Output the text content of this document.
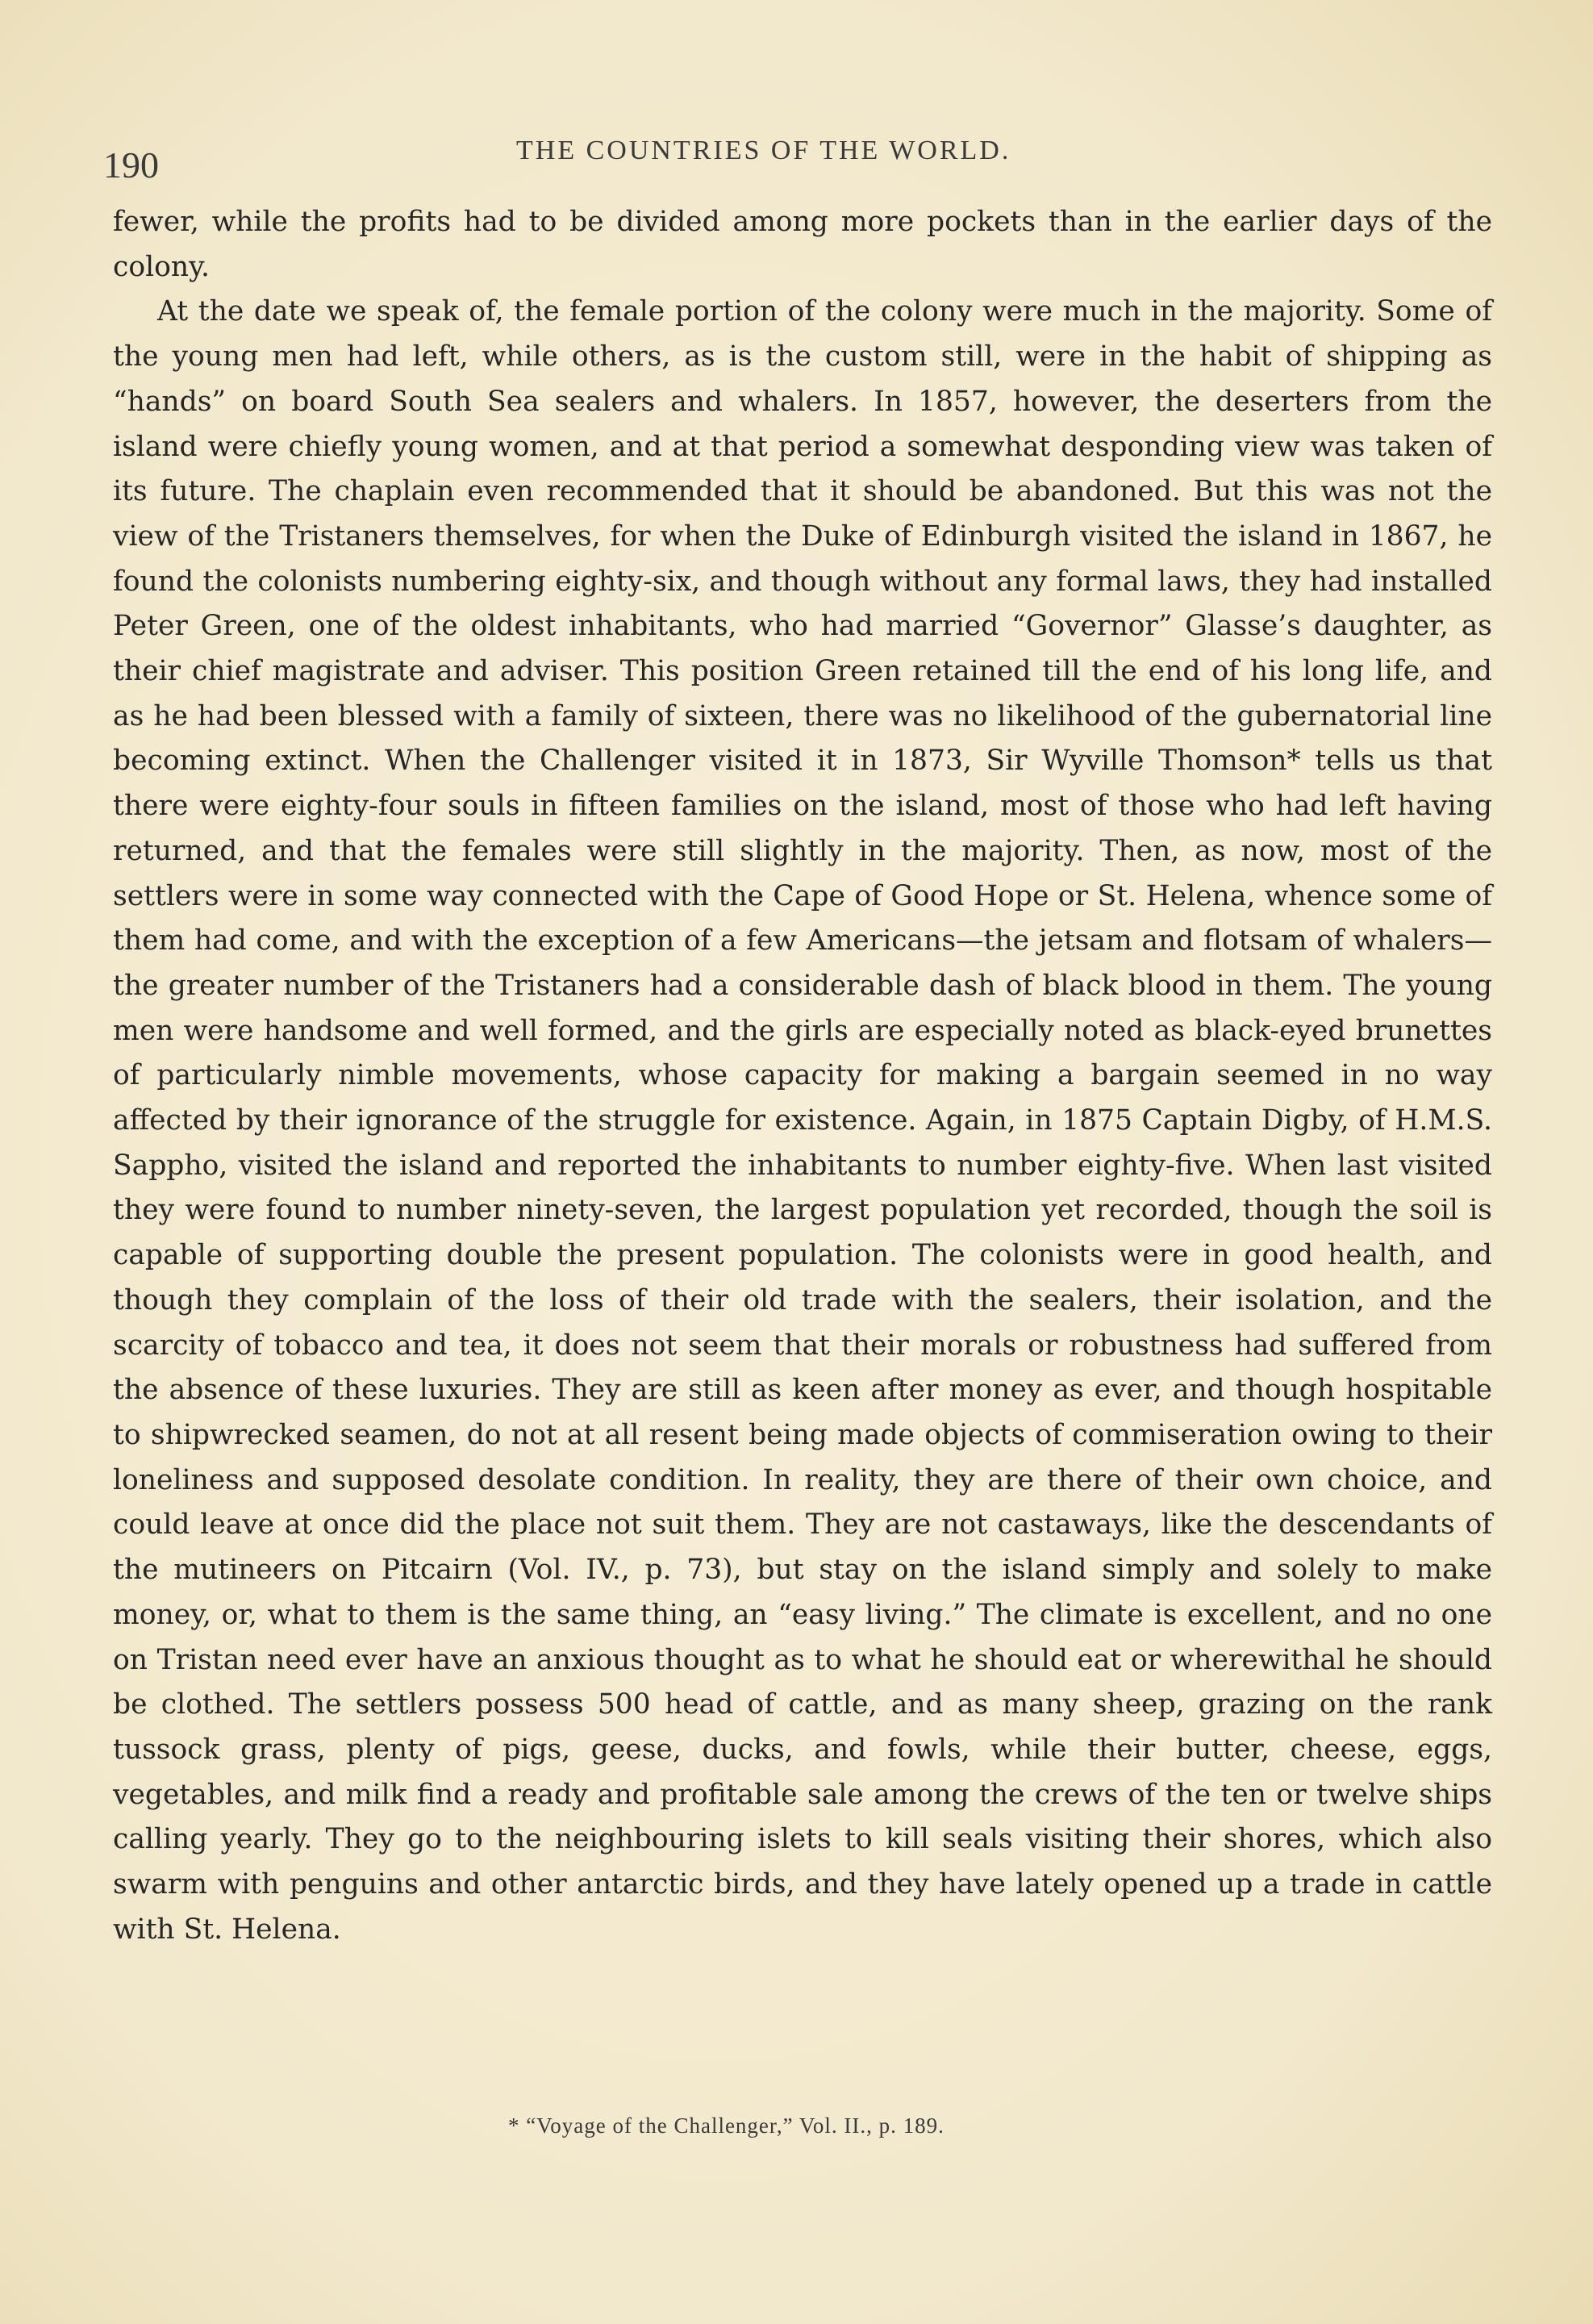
190	THE COUNTRIES OF THE WORLD.

fewer, while the profits had to be divided among more pockets than in the earlier days of the colony.

At the date we speak of, the female portion of the colony were much in the majority. Some of the young men had left, while others, as is the custom still, were in the habit of shipping as “hands” on board South Sea sealers and whalers. In 1857, however, the deserters from the island were chiefly young women, and at that period a somewhat desponding view was taken of its future. The chaplain even recommended that it should be abandoned. But this was not the view of the Tristaners themselves, for when the Duke of Edinburgh visited the island in 1867, he found the colonists numbering eighty-six, and though without any formal laws, they had installed Peter Green, one of the oldest inhabitants, who had married “Governor” Glasse’s daughter, as their chief magistrate and adviser. This position Green retained till the end of his long life, and as he had been blessed with a family of sixteen, there was no likelihood of the gubernatorial line becoming extinct. When the Challenger visited it in 1873, Sir Wyville Thomson* tells us that there were eighty-four souls in fifteen families on the island, most of those who had left having returned, and that the females were still slightly in the majority. Then, as now, most of the settlers were in some way connected with the Cape of Good Hope or St. Helena, whence some of them had come, and with the exception of a few Americans—the jetsam and flotsam of whalers—the greater number of the Tristaners had a considerable dash of black blood in them. The young men were handsome and well formed, and the girls are especially noted as black-eyed brunettes of particularly nimble movements, whose capacity for making a bargain seemed in no way affected by their ignorance of the struggle for existence. Again, in 1875 Captain Digby, of H.M.S. Sappho, visited the island and reported the inhabitants to number eighty-five. When last visited they were found to number ninety-seven, the largest population yet recorded, though the soil is capable of supporting double the present population. The colonists were in good health, and though they complain of the loss of their old trade with the sealers, their isolation, and the scarcity of tobacco and tea, it does not seem that their morals or robustness had suffered from the absence of these luxuries. They are still as keen after money as ever, and though hospitable to shipwrecked seamen, do not at all resent being made objects of commiseration owing to their loneliness and supposed desolate condition. In reality, they are there of their own choice, and could leave at once did the place not suit them. They are not castaways, like the descendants of the mutineers on Pitcairn (Vol. IV., p. 73), but stay on the island simply and solely to make money, or, what to them is the same thing, an “easy living.” The climate is excellent, and no one on Tristan need ever have an anxious thought as to what he should eat or wherewithal he should be clothed. The settlers possess 500 head of cattle, and as many sheep, grazing on the rank tussock grass, plenty of pigs, geese, ducks, and fowls, while their butter, cheese, eggs, vegetables, and milk find a ready and profitable sale among the crews of the ten or twelve ships calling yearly. They go to the neighbouring islets to kill seals visiting their shores, which also swarm with penguins and other antarctic birds, and they have lately opened up a trade in cattle with St. Helena.

* “Voyage of the Challenger,” Vol. II., p. 189.
